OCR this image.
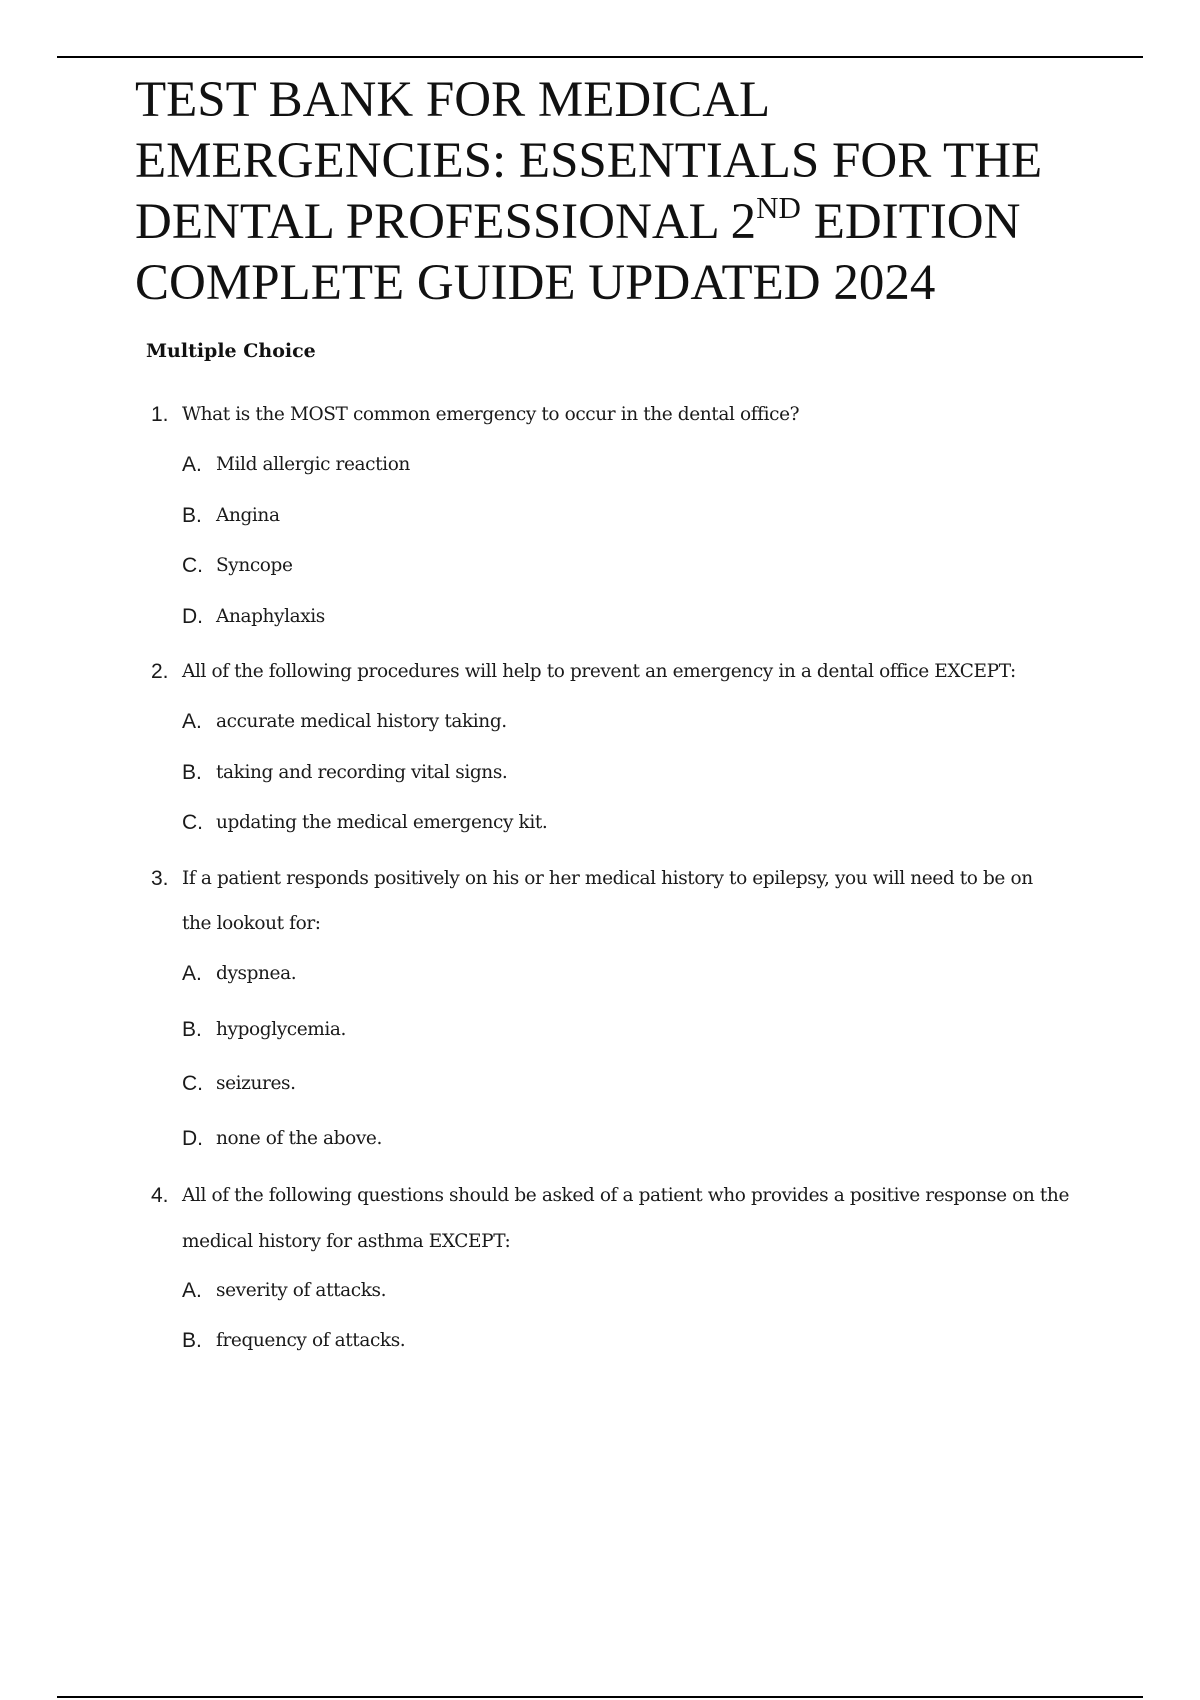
TEST BANK FOR MEDICAL
EMERGENCIES: ESSENTIALS FOR THE
DENTAL PROFESSIONAL 2ND EDITION
COMPLETE GUIDE UPDATED 2024
Multiple Choice
1. What is the MOST common emergency to occur in the dental office?
A. Mild allergic reaction
B. Angina
C. Syncope
D. Anaphylaxis
2. All of the following procedures will help to prevent an emergency in a dental office EXCEPT:
A. accurate medical history taking.
B. taking and recording vital signs.
C. updating the medical emergency kit.
3. If a patient responds positively on his or her medical history to epilepsy, you will need to be on
the lookout for:
A. dyspnea.
B. hypoglycemia.
C. seizures.
D. none of the above.
4. All of the following questions should be asked of a patient who provides a positive response on the
medical history for asthma EXCEPT:
A. severity of attacks.
B. frequency of attacks.
